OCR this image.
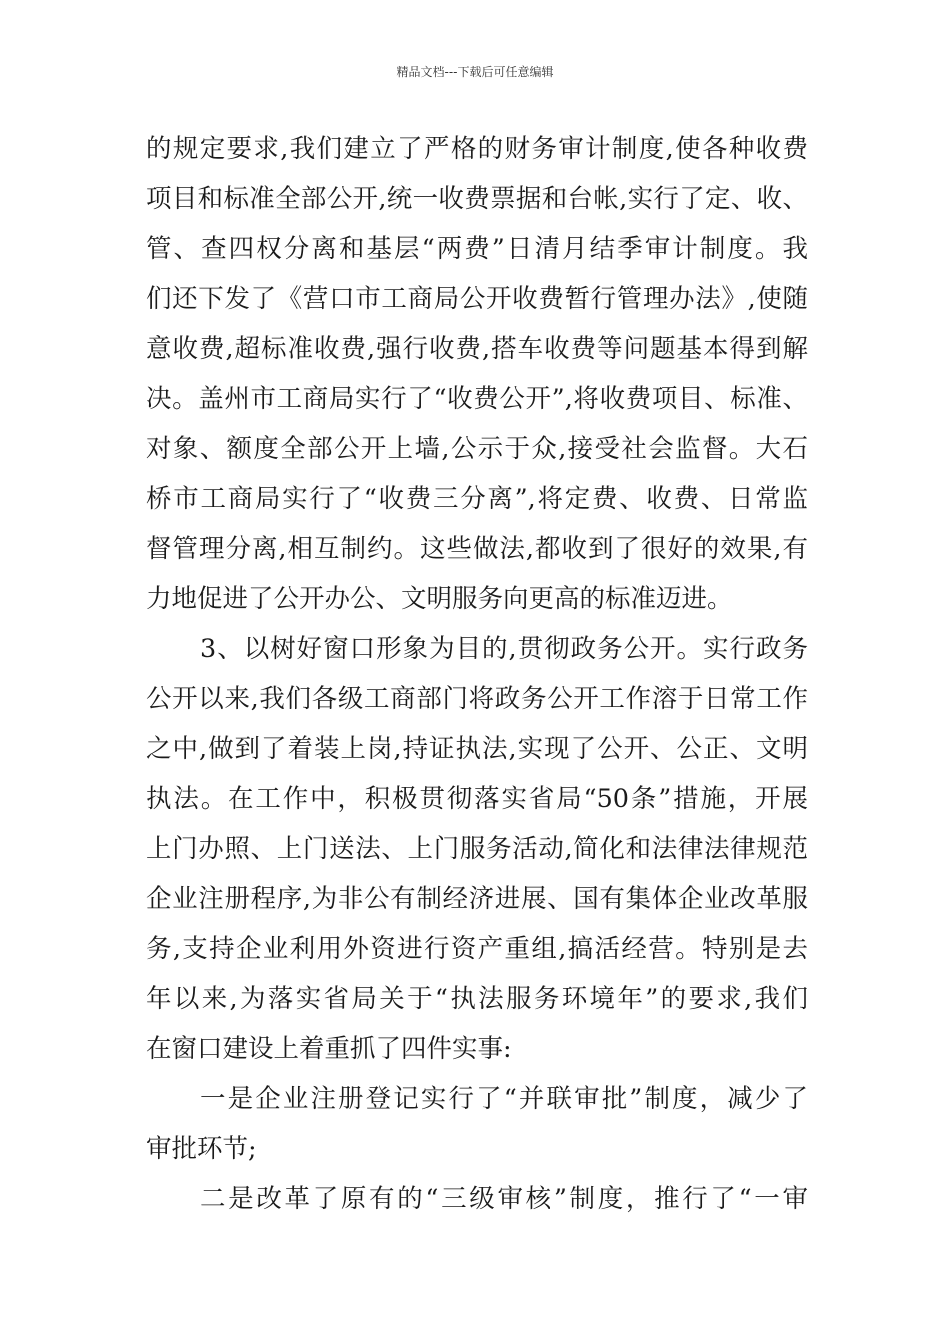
精品文档---下载后可任意编辑
的规定要求,我们建立了严格的财务审计制度,使各种收费
项目和标准全部公开,统一收费票据和台帐,实行了定、收、
管、查四权分离和基层“两费”日清月结季审计制度。我
们还下发了《营口市工商局公开收费暂行管理办法》,使随
意收费,超标准收费,强行收费,搭车收费等问题基本得到解
决。盖州市工商局实行了“收费公开”,将收费项目、标准、
对象、额度全部公开上墙,公示于众,接受社会监督。大石
桥市工商局实行了“收费三分离”,将定费、收费、日常监
督管理分离,相互制约。这些做法,都收到了很好的效果,有
力地促进了公开办公、文明服务向更高的标准迈进。
3、以树好窗口形象为目的,贯彻政务公开。实行政务
公开以来,我们各级工商部门将政务公开工作溶于日常工作
之中,做到了着装上岗,持证执法,实现了公开、公正、文明
执法。在工作中，积极贯彻落实省局“50条”措施，开展
上门办照、上门送法、上门服务活动,简化和法律法律规范
企业注册程序,为非公有制经济进展、国有集体企业改革服
务,支持企业利用外资进行资产重组,搞活经营。特别是去
年以来,为落实省局关于“执法服务环境年”的要求,我们
在窗口建设上着重抓了四件实事:
一是企业注册登记实行了“并联审批”制度，减少了
审批环节;
二是改革了原有的“三级审核”制度，推行了“一审
